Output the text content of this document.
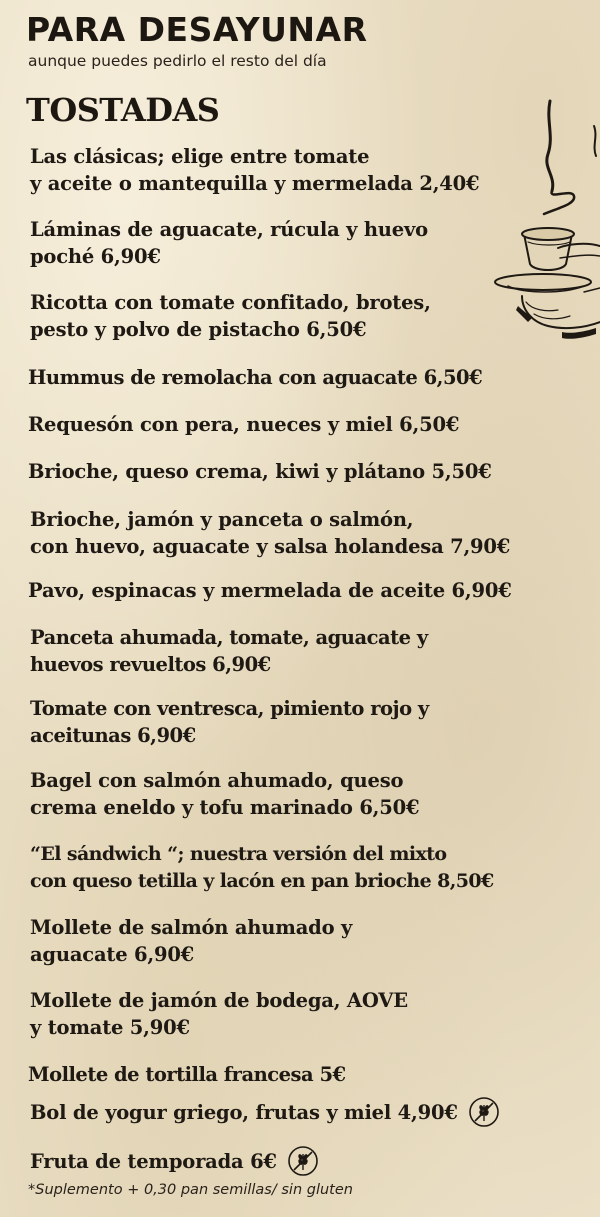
PARA DESAYUNAR
aunque puedes pedirlo el resto del día
TOSTADAS
Las clásicas; elige entre tomate
y aceite o mantequilla y mermelada 2,40€
Láminas de aguacate, rúcula y huevo
poché 6,90€
Ricotta con tomate confitado, brotes,
pesto y polvo de pistacho 6,50€
Hummus de remolacha con aguacate 6,50€
Requesón con pera, nueces y miel 6,50€
Brioche, queso crema, kiwi y plátano 5,50€
Brioche, jamón y panceta o salmón,
con huevo, aguacate y salsa holandesa 7,90€
Pavo, espinacas y mermelada de aceite 6,90€
Panceta ahumada, tomate, aguacate y
huevos revueltos 6,90€
Tomate con ventresca, pimiento rojo y
aceitunas 6,90€
Bagel con salmón ahumado, queso
crema eneldo y tofu marinado 6,50€
“El sándwich “; nuestra versión del mixto
con queso tetilla y lacón en pan brioche 8,50€
Mollete de salmón ahumado y
aguacate 6,90€
Mollete de jamón de bodega, AOVE
y tomate 5,90€
Mollete de tortilla francesa 5€
Bol de yogur griego, frutas y miel 4,90€
Fruta de temporada 6€
*Suplemento + 0,30 pan semillas/ sin gluten
